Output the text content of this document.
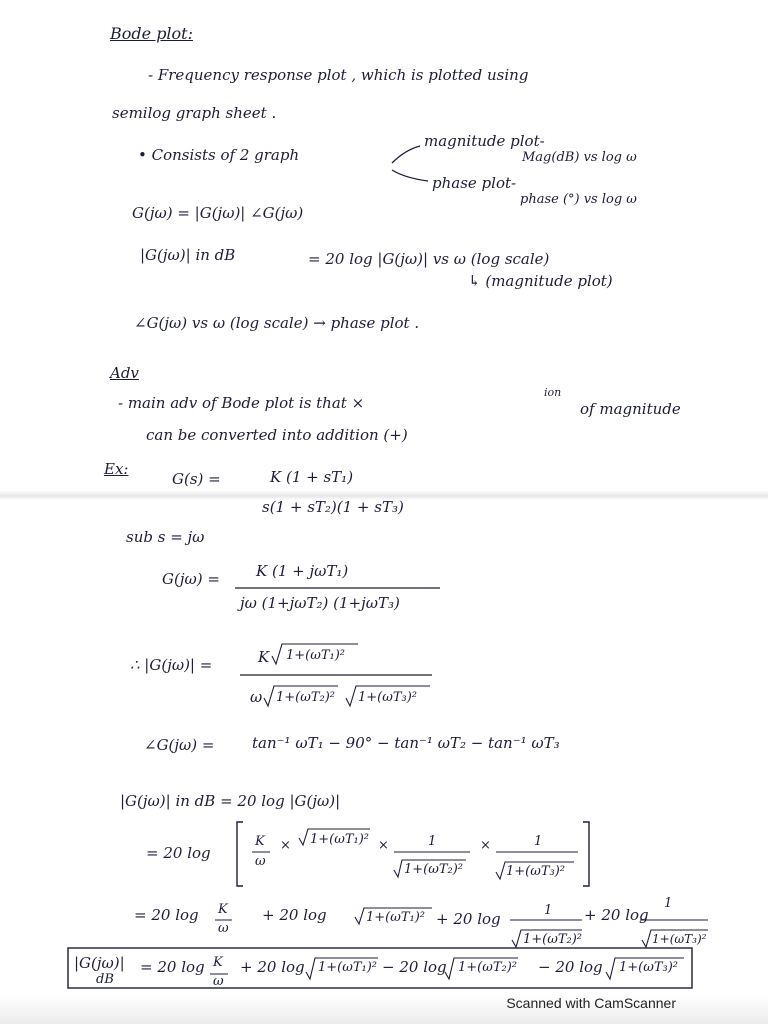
Bode plot:
- Frequency response plot , which is plotted using
semilog graph sheet .
• Consists of 2 graph
magnitude plot-
Mag(dB) vs log ω
phase plot-
phase (°) vs log ω
G(jω) = |G(jω)| ∠G(jω)
|G(jω)| in dB	= 20 log |G(jω)| vs ω (log scale)
↳ (magnitude plot)
∠G(jω) vs ω (log scale) → phase plot .
Adv
- main adv of Bode plot is that ×
ion
of magnitude
can be converted into addition (+)
Ex:
G(s) =	K (1 + sT₁)
s(1 + sT₂)(1 + sT₃)
sub s = jω
G(jω) = K (1 + jωT₁)
jω (1+jωT₂) (1+jωT₃)
∴ |G(jω)| =	K 1+(ωT₁)²
ω 1+(ωT₂)² 1+(ωT₃)²
∠G(jω) =	tan⁻¹ ωT₁ − 90° − tan⁻¹ ωT₂ − tan⁻¹ ωT₃
|G(jω)| in dB = 20 log |G(jω)|
= 20 log
K
ω
× 1+(ωT₁)² ×	1
1+(ωT₂)²
×	1
1+(ωT₃)²
= 20 log K
ω
+ 20 log	1+(ωT₁)² + 20 log	1
1+(ωT₂)²
+ 20 log
1
1+(ωT₃)²
|G(jω)|
dB
= 20 log K
ω
+ 20 log 1+(ωT₁)² − 20 log 1+(ωT₂)² − 20 log 1+(ωT₃)²
Scanned with CamScanner
